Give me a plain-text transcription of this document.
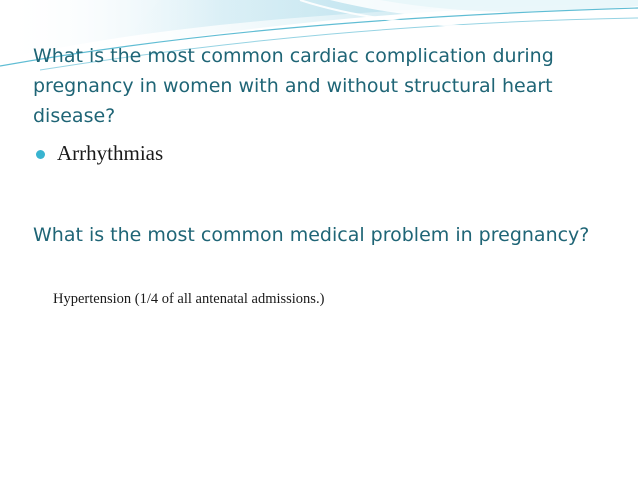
What is the most common cardiac complication during pregnancy in women with and without structural heart disease?

Arrhythmias

What is the most common medical problem in pregnancy?

Hypertension (1/4 of all antenatal admissions.)
